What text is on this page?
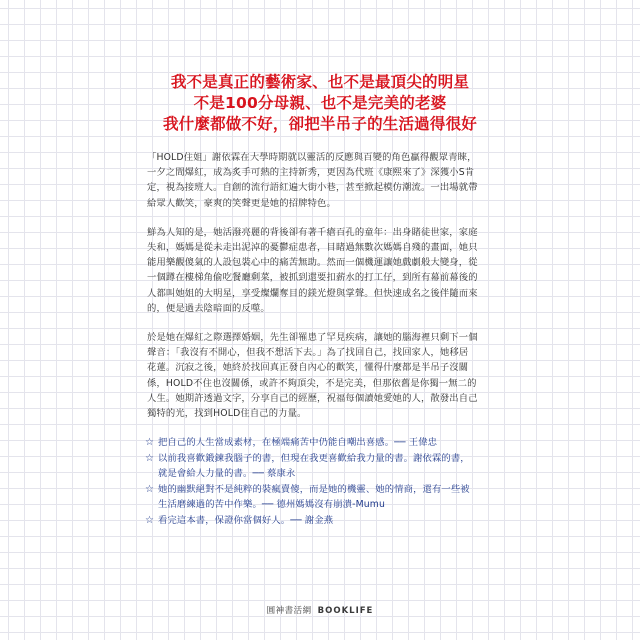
我不是真正的藝術家、也不是最頂尖的明星
不是100分母親、也不是完美的老婆
我什麼都做不好，卻把半吊子的生活過得很好

「HOLD住姐」謝依霖在大學時期就以靈活的反應與百變的角色贏得觀眾青睞，
一夕之間爆紅，成為炙手可熱的主持新秀，更因為代班《康熙來了》深獲小S肯
定，視為接班人。自創的流行語紅遍大街小巷，甚至掀起模仿潮流。一出場就帶
給眾人歡笑，豪爽的笑聲更是她的招牌特色。

鮮為人知的是，她活潑亮麗的背後卻有著千瘡百孔的童年：出身賭徒世家，家庭
失和，媽媽是從未走出泥淖的憂鬱症患者，目睹過無數次媽媽自殘的畫面，她只
能用樂觀傻氣的人設包裝心中的痛苦無助。然而一個機運讓她戲劇般大變身，從
一個蹲在樓梯角偷吃餐廳剩菜，被抓到還要扣薪水的打工仔，到所有幕前幕後的
人都叫她姐的大明星，享受燦爛奪目的鎂光燈與掌聲。但快速成名之後伴隨而來
的，便是過去陰暗面的反噬。

於是她在爆紅之際選擇婚姻，先生卻罹患了罕見疾病，讓她的腦海裡只剩下一個
聲音：「我沒有不開心，但我不想活下去。」為了找回自己，找回家人，她移居
花蓮。沉寂之後，她終於找回真正發自內心的歡笑，懂得什麼都是半吊子沒關
係，HOLD不住也沒關係，或許不夠頂尖，不是完美，但那依舊是你獨一無二的
人生。她期許透過文字，分享自己的經歷，祝福每個讀她愛她的人，散發出自己
獨特的光，找到HOLD住自己的力量。

☆ 把自己的人生當成素材，在極端痛苦中仍能自嘲出喜感。── 王偉忠
☆ 以前我喜歡鍛鍊我腦子的書，但現在我更喜歡給我力量的書。謝依霖的書，
就是會給人力量的書。── 蔡康永
☆ 她的幽默絕對不是純粹的裝瘋賣傻，而是她的機靈、她的情商，還有一些被
生活磨練過的苦中作樂。── 德州媽媽沒有崩潰-Mumu
☆ 看完這本書，保證你當個好人。── 謝金燕
圓神書活網 BOOKLIFE
